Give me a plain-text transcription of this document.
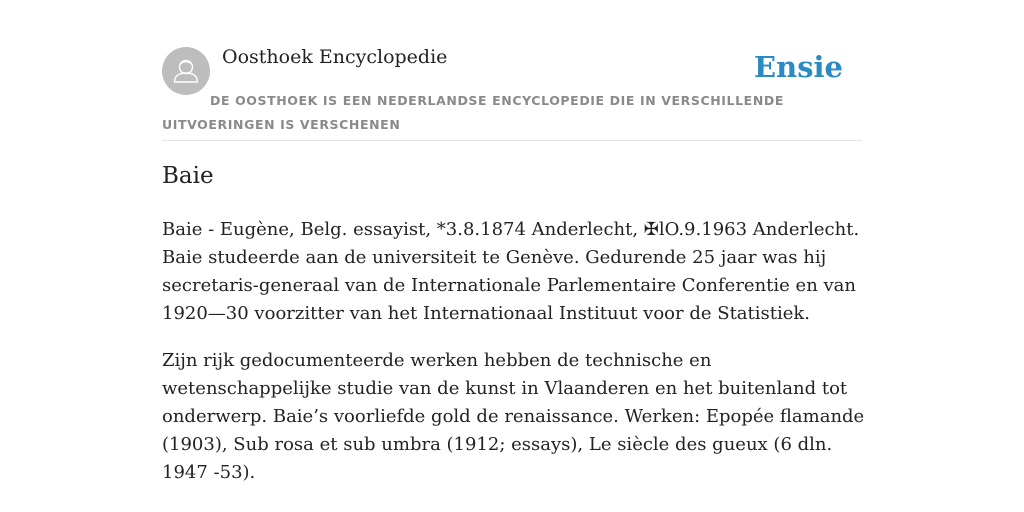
Oosthoek Encyclopedie	Ensie
DE OOSTHOEK IS EEN NEDERLANDSE ENCYCLOPEDIE DIE IN VERSCHILLENDE UITVOERINGEN IS VERSCHENEN
Baie

Baie - Eugène, Belg. essayist, *3.8.1874 Anderlecht, ✠lO.9.1963 Anderlecht. Baie studeerde aan de universiteit te Genève. Gedurende 25 jaar was hij secretaris-generaal van de Internationale Parlementaire Conferentie en van 1920—30 voorzitter van het Internationaal Instituut voor de Statistiek.

Zijn rijk gedocumenteerde werken hebben de technische en wetenschappelijke studie van de kunst in Vlaanderen en het buitenland tot onderwerp. Baie’s voorliefde gold de renaissance. Werken: Epopée flamande (1903), Sub rosa et sub umbra (1912; essays), Le siècle des gueux (6 dln. 1947 -53).
